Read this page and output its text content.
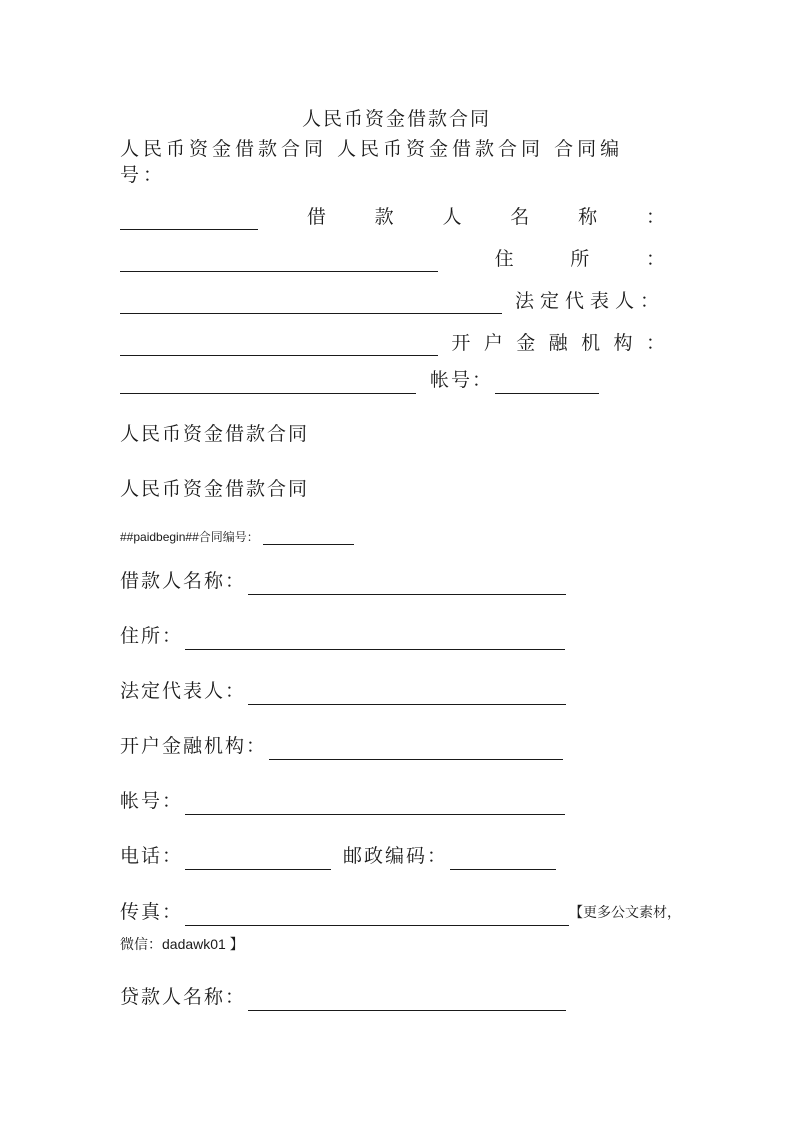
人民币资金借款合同
人民币资金借款合同 人民币资金借款合同 合同编号：
借	款	人	名	称	：
住	所	：
法定代表人：
开 户 金 融 机 构 ：
帐号：
人民币资金借款合同
人民币资金借款合同
##paidbegin##合同编号：
借款人名称：
住所：
法定代表人：
开户金融机构：
帐号：
电话：	邮政编码：
传真：	【更多公文素材，
微信：dadawk01 】
贷款人名称：
